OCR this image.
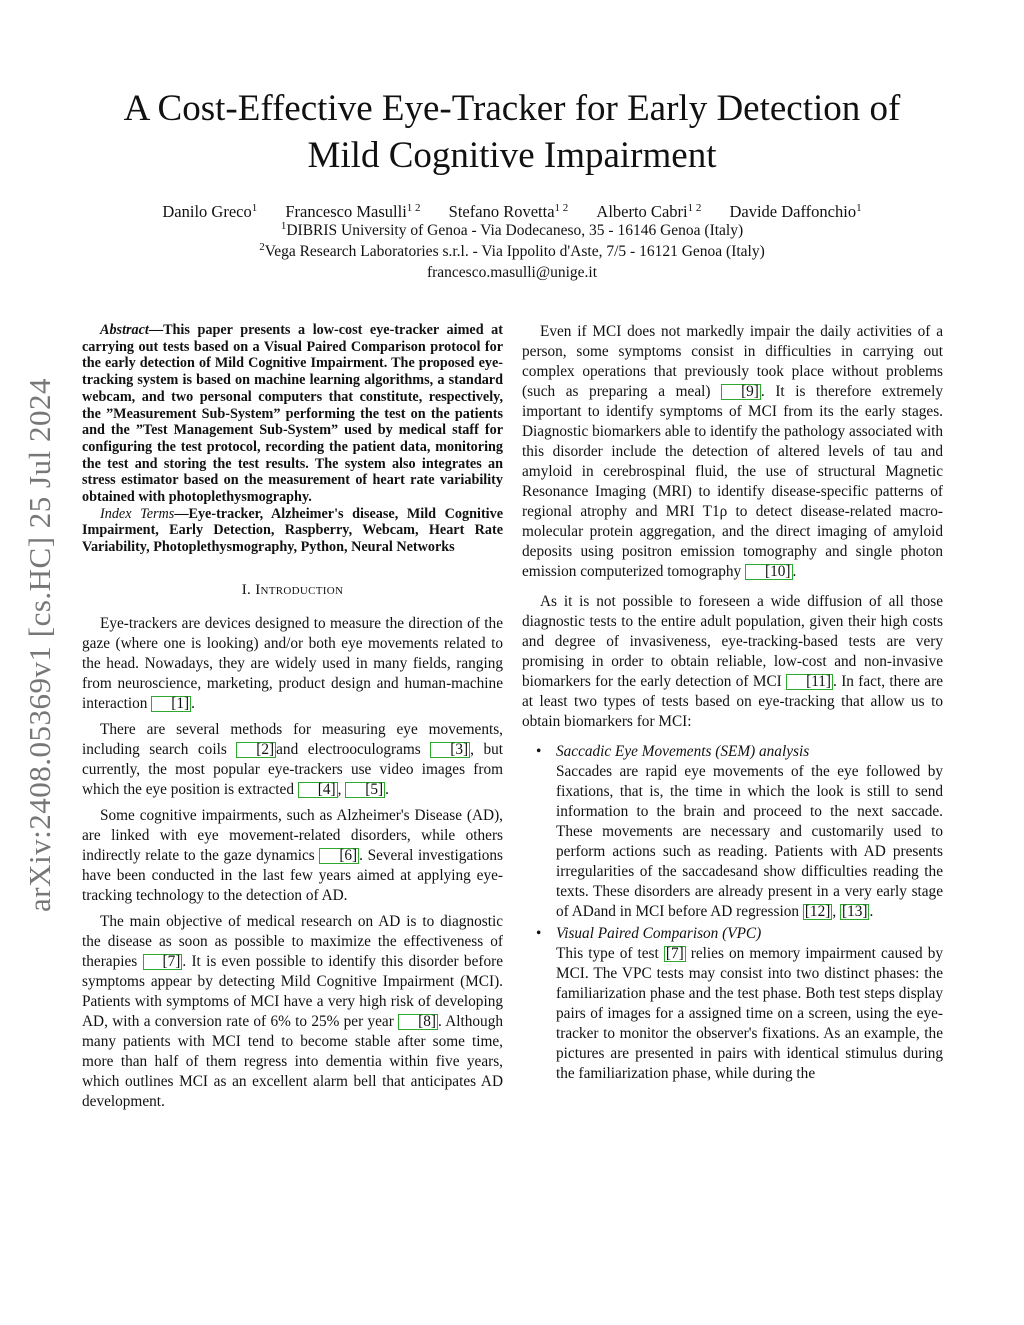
arXiv:2408.05369v1 [cs.HC] 25 Jul 2024
A Cost-Effective Eye-Tracker for Early Detection of
Mild Cognitive Impairment
Danilo Greco$^1$ Francesco Masulli$^{1 2}$ Stefano Rovetta$^{1 2}$ Alberto Cabri$^{1 2}$ Davide Daffonchio$^1$
$^1$DIBRIS University of Genoa - Via Dodecaneso, 35 - 16146 Genoa (Italy)
$^2$Vega Research Laboratories s.r.l. - Via Ippolito d'Aste, 7/5 - 16121 Genoa (Italy)
francesco.masulli@unige.it

Abstract—This paper presents a low-cost eye-tracker aimed at carrying out tests based on a Visual Paired Comparison protocol for the early detection of Mild Cognitive Impairment. The proposed eye-tracking system is based on machine learning algorithms, a standard webcam, and two personal computers that constitute, respectively, the ”Measurement Sub-System” performing the test on the patients and the ”Test Management Sub-System” used by medical staff for configuring the test protocol, recording the patient data, monitoring the test and storing the test results. The system also integrates an stress estimator based on the measurement of heart rate variability obtained with photoplethysmography.

Index Terms—Eye-tracker, Alzheimer's disease, Mild Cognitive Impairment, Early Detection, Raspberry, Webcam, Heart Rate Variability, Photoplethysmography, Python, Neural Networks

I. Introduction

Eye-trackers are devices designed to measure the direction of the gaze (where one is looking) and/or both eye movements related to the head. Nowadays, they are widely used in many fields, ranging from neuroscience, marketing, product design and human-machine interaction [1] .

There are several methods for measuring eye movements, including search coils [2] and electrooculograms [3] , but currently, the most popular eye-trackers use video images from which the eye position is extracted [4] , [5] .

Some cognitive impairments, such as Alzheimer's Disease (AD), are linked with eye movement-related disorders, while others indirectly relate to the gaze dynamics [6] . Several investigations have been conducted in the last few years aimed at applying eye-tracking technology to the detection of AD.

The main objective of medical research on AD is to diagnostic the disease as soon as possible to maximize the effectiveness of therapies [7] . It is even possible to identify this disorder before symptoms appear by detecting Mild Cognitive Impairment (MCI). Patients with symptoms of MCI have a very high risk of developing AD, with a conversion rate of 6% to 25% per year [8] . Although many patients with MCI tend to become stable after some time, more than half of them regress into dementia within five years, which outlines MCI as an excellent alarm bell that anticipates AD development.

Even if MCI does not markedly impair the daily activities of a person, some symptoms consist in difficulties in carrying out complex operations that previously took place without problems (such as preparing a meal) [9] . It is therefore extremely important to identify symptoms of MCI from its the early stages. Diagnostic biomarkers able to identify the pathology associated with this disorder include the detection of altered levels of tau and amyloid in cerebrospinal fluid, the use of structural Magnetic Resonance Imaging (MRI) to identify disease-specific patterns of regional atrophy and MRI T1ρ to detect disease-related macro-molecular protein aggregation, and the direct imaging of amyloid deposits using positron emission tomography and single photon emission computerized tomography [10] .

As it is not possible to foreseen a wide diffusion of all those diagnostic tests to the entire adult population, given their high costs and degree of invasiveness, eye-tracking-based tests are very promising in order to obtain reliable, low-cost and non-invasive biomarkers for the early detection of MCI [11] . In fact, there are at least two types of tests based on eye-tracking that allow us to obtain biomarkers for MCI:

• Saccadic Eye Movements (SEM) analysis

Saccades are rapid eye movements of the eye followed by fixations, that is, the time in which the look is still to send information to the brain and proceed to the next saccade. These movements are necessary and customarily used to perform actions such as reading. Patients with AD presents irregularities of the saccadesand show difficulties reading the texts. These disorders are already present in a very early stage of ADand in MCI before AD regression [12] , [13] .

• Visual Paired Comparison (VPC)

This type of test [7] relies on memory impairment caused by MCI. The VPC tests may consist into two distinct phases: the familiarization phase and the test phase. Both test steps display pairs of images for a assigned time on a screen, using the eye-tracker to monitor the observer's fixations. As an example, the pictures are presented in pairs with identical stimulus during the familiarization phase, while during the
